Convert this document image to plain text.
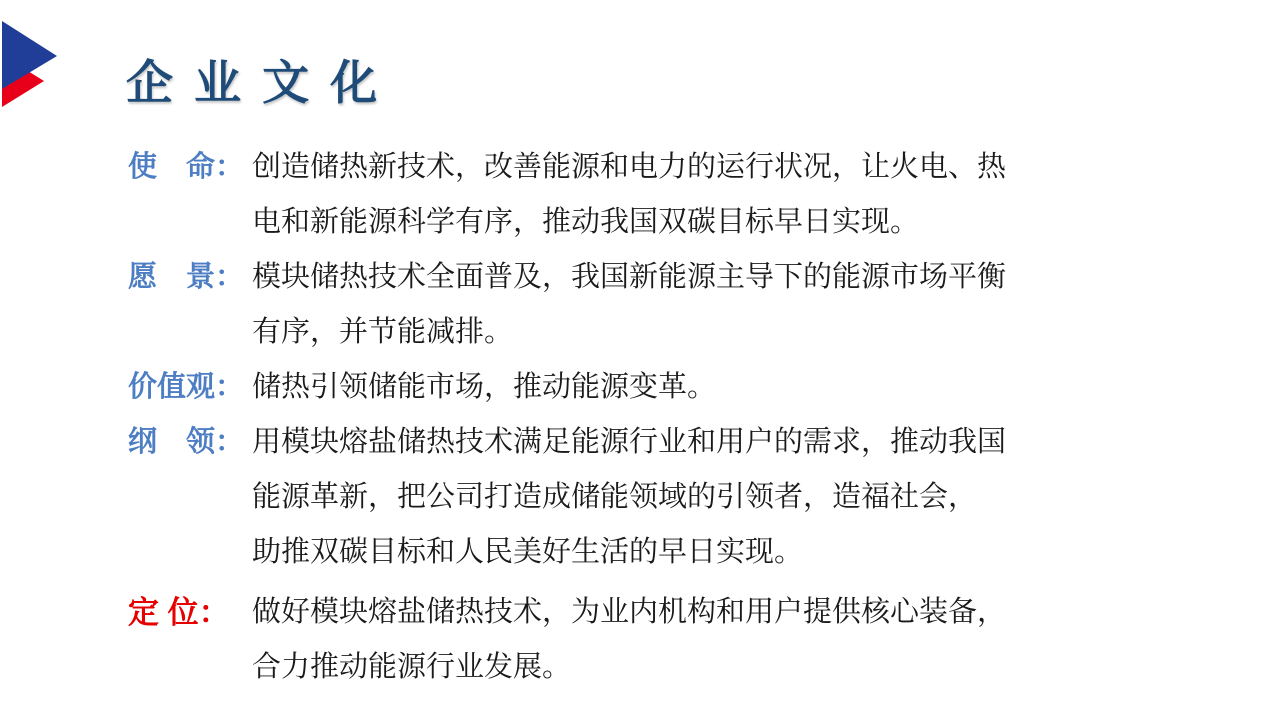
企 业 文 化
使　命： 创造储热新技术，改善能源和电力的运行状况，让火电、热
电和新能源科学有序，推动我国双碳目标早日实现。
愿　景： 模块储热技术全面普及，我国新能源主导下的能源市场平衡
有序，并节能减排。
价值观： 储热引领储能市场，推动能源变革。
纲　领： 用模块熔盐储热技术满足能源行业和用户的需求，推动我国
能源革新，把公司打造成储能领域的引领者，造福社会，
助推双碳目标和人民美好生活的早日实现。
定 位： 做好模块熔盐储热技术，为业内机构和用户提供核心装备，
合力推动能源行业发展。
